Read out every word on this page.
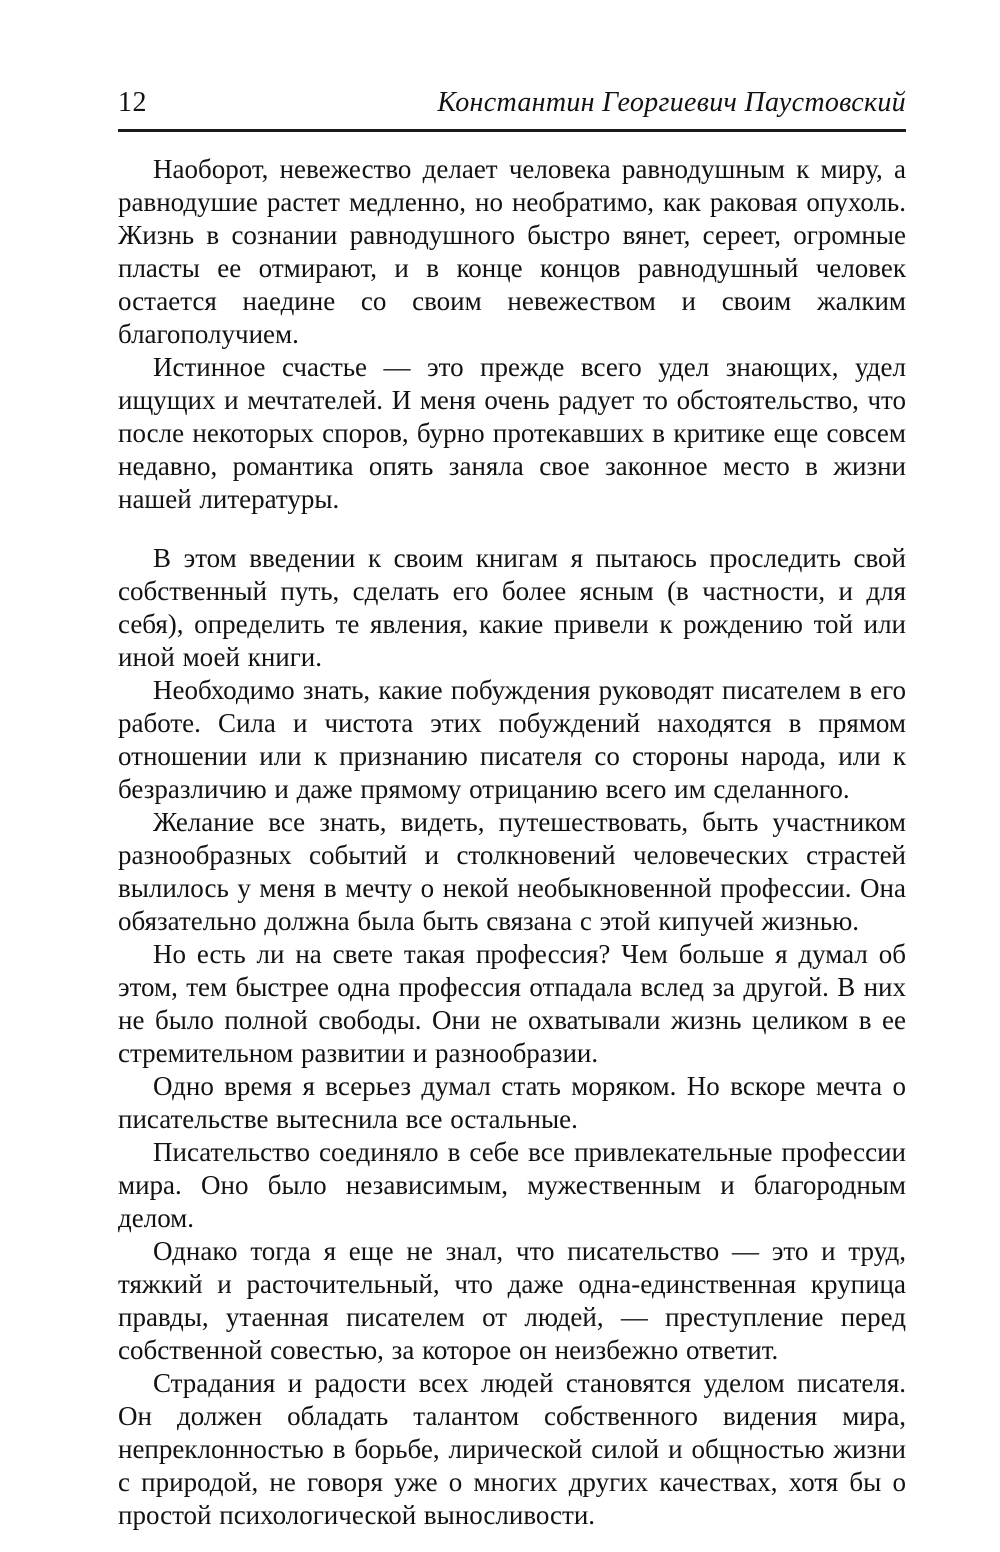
12	Константин Георгиевич Паустовский

Наоборот, невежество делает человека равнодушным к миру, а равнодушие растет медленно, но необратимо, как раковая опухоль. Жизнь в сознании равнодушного быстро вянет, сереет, огромные пласты ее отмирают, и в конце концов равнодушный человек остается наедине со своим невежеством и своим жалким благополучием.

Истинное счастье — это прежде всего удел знающих, удел ищущих и мечтателей. И меня очень радует то обстоятельство, что после некоторых споров, бурно протекавших в критике еще совсем недавно, романтика опять заняла свое законное место в жизни нашей литературы.

В этом введении к своим книгам я пытаюсь проследить свой собственный путь, сделать его более ясным (в частности, и для себя), определить те явления, какие привели к рождению той или иной моей книги.

Необходимо знать, какие побуждения руководят писателем в его работе. Сила и чистота этих побуждений находятся в прямом отношении или к признанию писателя со стороны народа, или к безразличию и даже прямому отрицанию всего им сделанного.

Желание все знать, видеть, путешествовать, быть участником разнообразных событий и столкновений человеческих страстей вылилось у меня в мечту о некой необыкновенной профессии. Она обязательно должна была быть связана с этой кипучей жизнью.

Но есть ли на свете такая профессия? Чем больше я думал об этом, тем быстрее одна профессия отпадала вслед за другой. В них не было полной свободы. Они не охватывали жизнь целиком в ее стремительном развитии и разнообразии.

Одно время я всерьез думал стать моряком. Но вскоре мечта о писательстве вытеснила все остальные.

Писательство соединяло в себе все привлекательные профессии мира. Оно было независимым, мужественным и благородным делом.

Однако тогда я еще не знал, что писательство — это и труд, тяжкий и расточительный, что даже одна-единственная крупица правды, утаенная писателем от людей, — преступление перед собственной совестью, за которое он неизбежно ответит.

Страдания и радости всех людей становятся уделом писателя. Он должен обладать талантом собственного видения мира, непреклонностью в борьбе, лирической силой и общностью жизни с природой, не говоря уже о многих других качествах, хотя бы о простой психологической выносливости.
